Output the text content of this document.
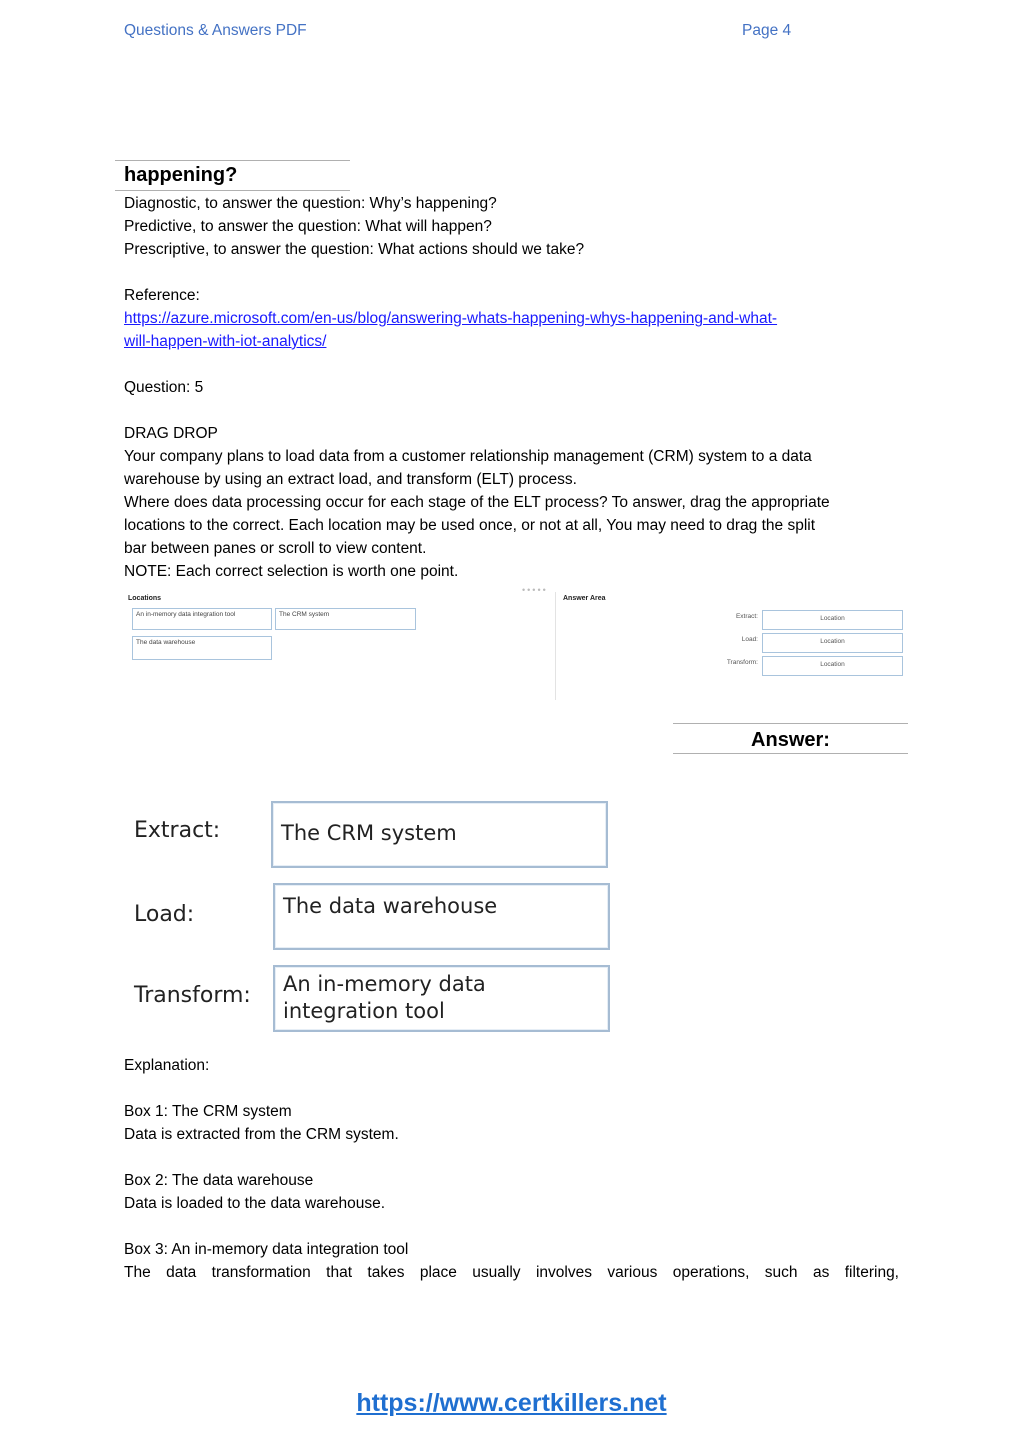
Questions & Answers PDF	Page 4
happening?

Diagnostic, to answer the question: Why’s happening?

Predictive, to answer the question: What will happen?

Prescriptive, to answer the question: What actions should we take?

Reference:

https://azure.microsoft.com/en-us/blog/answering-whats-happening-whys-happening-and-what-

will-happen-with-iot-analytics/

Question: 5

DRAG DROP

Your company plans to load data from a customer relationship management (CRM) system to a data

warehouse by using an extract load, and transform (ELT) process.

Where does data processing occur for each stage of the ELT process? To answer, drag the appropriate

locations to the correct. Each location may be used once, or not at all, You may need to drag the split

bar between panes or scroll to view content.

NOTE: Each correct selection is worth one point.

Locations
An in-memory data integration tool	The CRM system
The data warehouse
•••••
Answer Area
Extract:	Location
Load:	Location
Transform:	Location
Answer:
Extract:	The CRM system
Load:	The data warehouse
Transform:	An in-memory data integration tool

Explanation:

Box 1: The CRM system

Data is extracted from the CRM system.

Box 2: The data warehouse

Data is loaded to the data warehouse.

Box 3: An in-memory data integration tool

The data transformation that takes place usually involves various operations, such as filtering,

https://www.certkillers.net
